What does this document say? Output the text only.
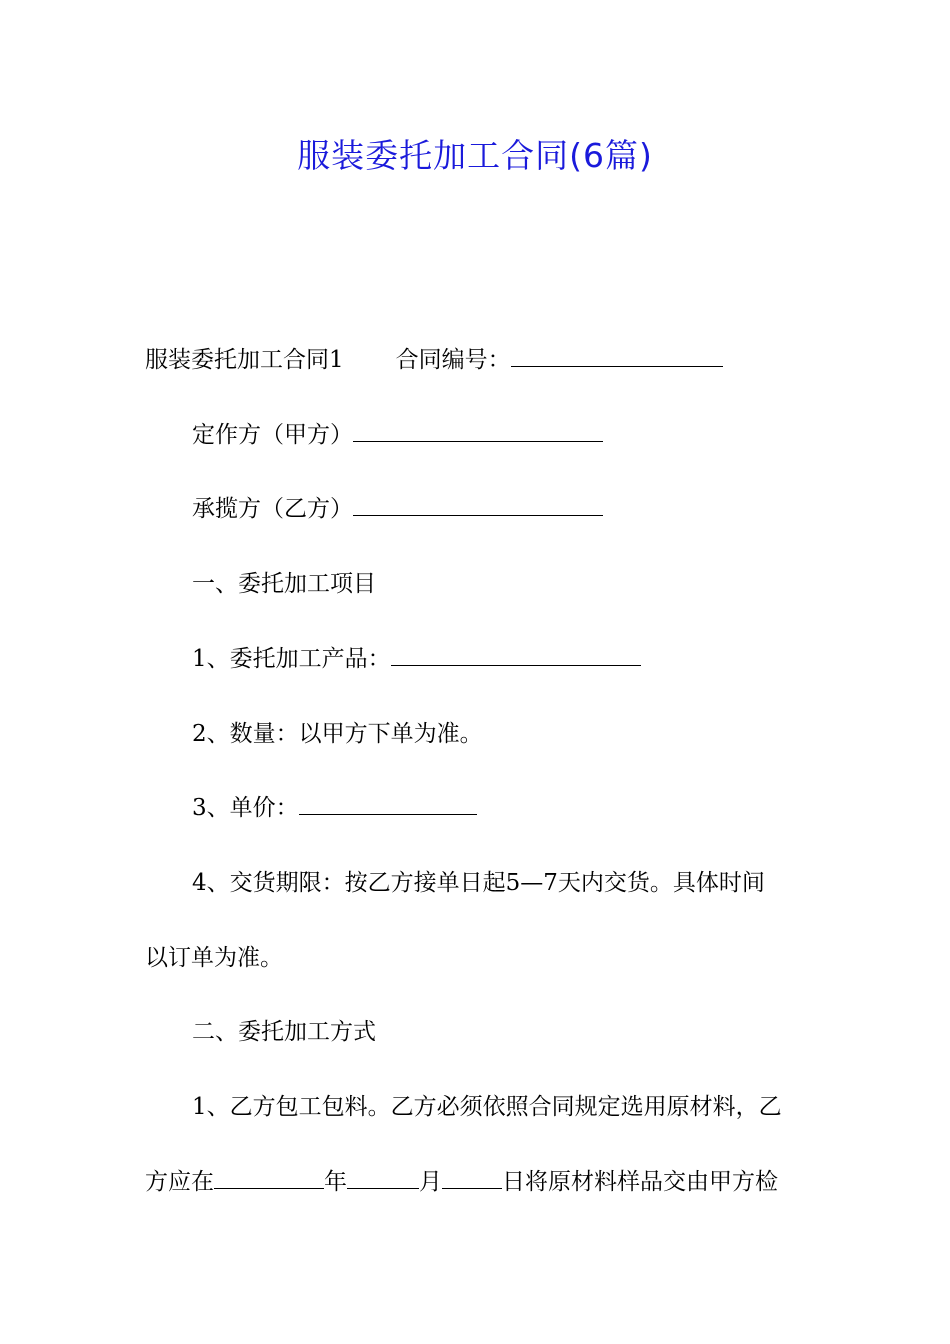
服装委托加工合同(6篇)
服装委托加工合同1 合同编号：
定作方（甲方）
承揽方（乙方）
一、委托加工项目
1、委托加工产品：
2、数量：以甲方下单为准。
3、单价：
4、交货期限：按乙方接单日起5—7天内交货。具体时间
以订单为准。
二、委托加工方式
1、乙方包工包料。乙方必须依照合同规定选用原材料，乙
方应在	年	月	日将原材料样品交由甲方检
